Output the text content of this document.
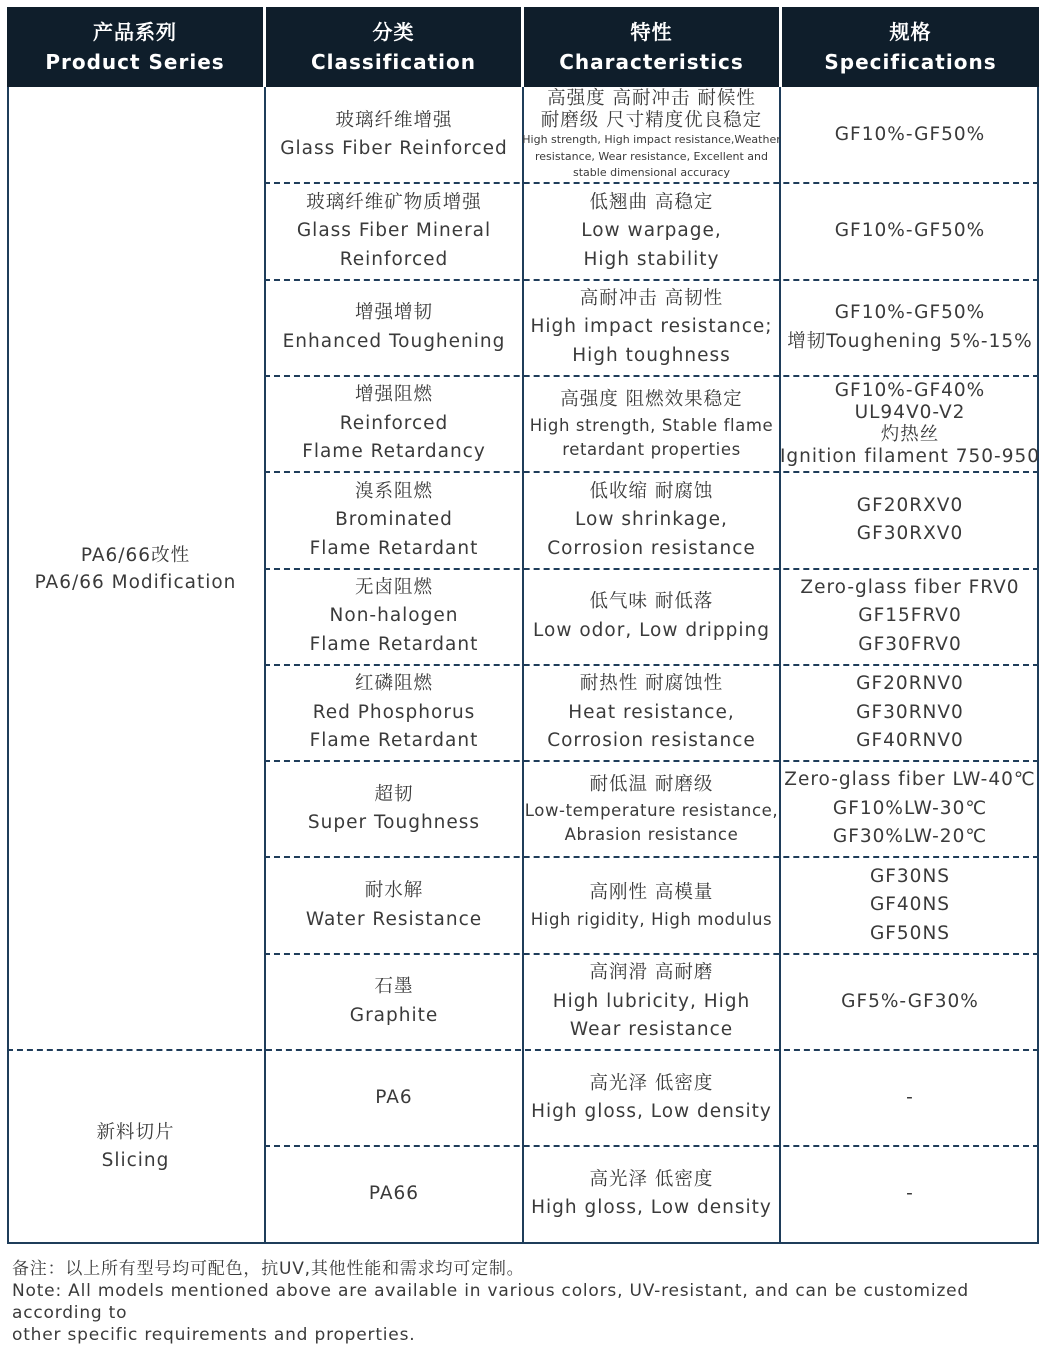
产品系列
Product Series
分类
Classification
特性
Characteristics
规格
Specifications
PA6/66改性
PA6/66 Modification
新料切片
Slicing
玻璃纤维增强
Glass Fiber Reinforced
高强度 高耐冲击 耐候性
耐磨级 尺寸精度优良稳定
High strength, High impact resistance,Weather
resistance, Wear resistance, Excellent and
stable dimensional accuracy
GF10%-GF50%
玻璃纤维矿物质增强
Glass Fiber Mineral
Reinforced
低翘曲 高稳定
Low warpage,
High stability
GF10%-GF50%
增强增韧
Enhanced Toughening
高耐冲击 高韧性
High impact resistance;
High toughness
GF10%-GF50%
增韧Toughening 5%-15%
增强阻燃
Reinforced
Flame Retardancy
高强度 阻燃效果稳定
High strength, Stable flame
retardant properties
GF10%-GF40%
UL94V0-V2
灼热丝
Ignition filament 750-950
溴系阻燃
Brominated
Flame Retardant
低收缩 耐腐蚀
Low shrinkage,
Corrosion resistance
GF20RXV0
GF30RXV0
无卤阻燃
Non-halogen
Flame Retardant
低气味 耐低落
Low odor, Low dripping
Zero-glass fiber FRV0
GF15FRV0
GF30FRV0
红磷阻燃
Red Phosphorus
Flame Retardant
耐热性 耐腐蚀性
Heat resistance,
Corrosion resistance
GF20RNV0
GF30RNV0
GF40RNV0
超韧
Super Toughness
耐低温 耐磨级
Low-temperature resistance,
Abrasion resistance
Zero-glass fiber LW-40℃
GF10%LW-30℃
GF30%LW-20℃
耐水解
Water Resistance
高刚性 高模量
High rigidity, High modulus
GF30NS
GF40NS
GF50NS
石墨
Graphite
高润滑 高耐磨
High lubricity, High
Wear resistance
GF5%-GF30%
PA6
高光泽 低密度
High gloss, Low density
-
PA66
高光泽 低密度
High gloss, Low density
-
备注：以上所有型号均可配色，抗UV,其他性能和需求均可定制。
Note: All models mentioned above are available in various colors, UV-resistant, and can be customized according to
other specific requirements and properties.
